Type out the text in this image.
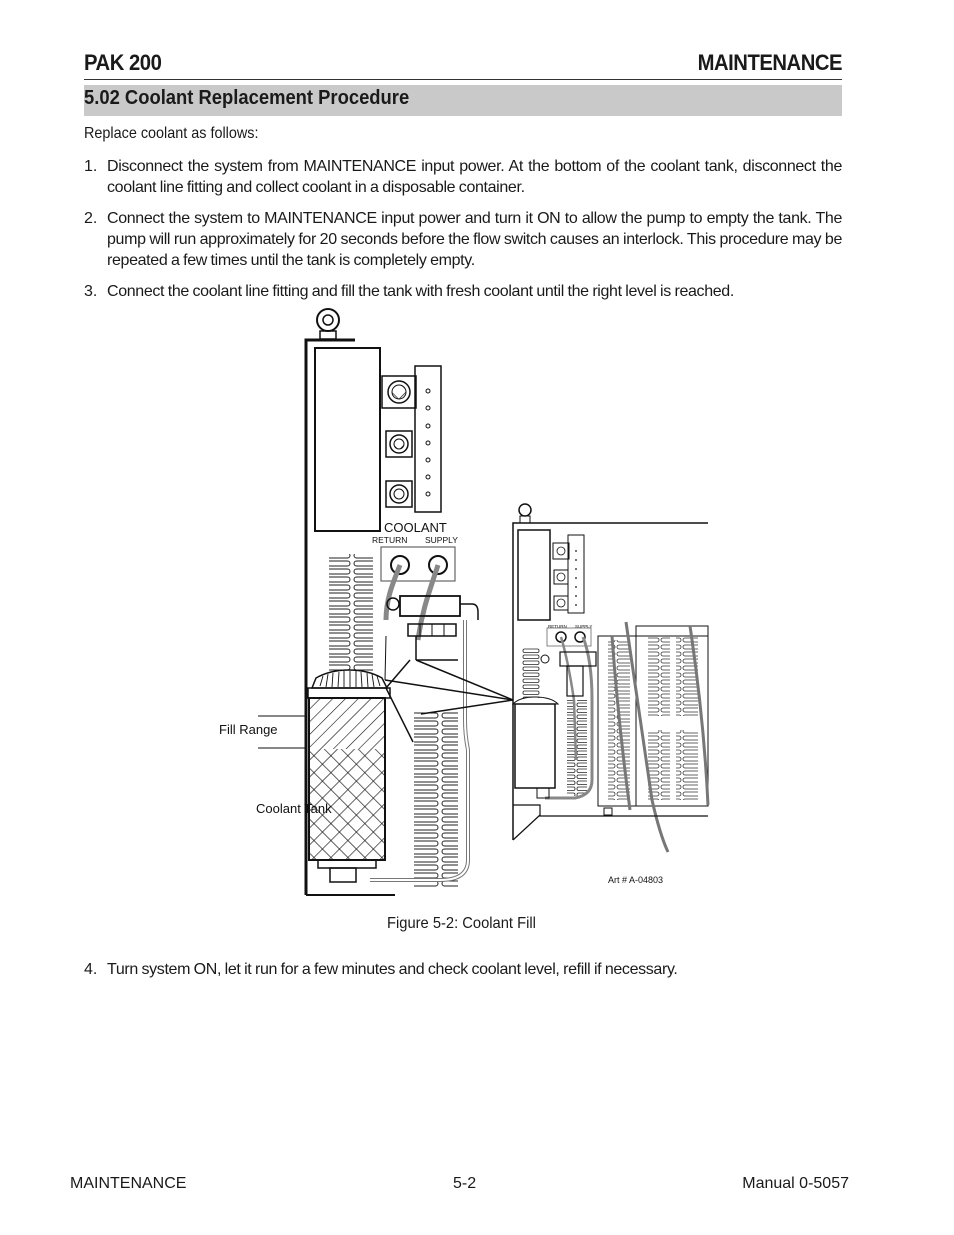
PAK 200	MAINTENANCE
5.02 Coolant Replacement Procedure
Replace coolant as follows:
1. Disconnect the system from MAINTENANCE input power. At the bottom of the coolant tank, disconnect the coolant line fitting and collect coolant in a disposable container.
2. Connect the system to MAINTENANCE input power and turn it ON to allow the pump to empty the tank. The pump will run approximately for 20 seconds before the flow switch causes an interlock. This procedure may be repeated a few times until the tank is completely empty.
3. Connect the coolant line fitting and fill the tank with fresh coolant until the right level is reached.
COOLANT
RETURN SUPPLY
Fill Range
Coolant Tank
RETURN SUPPLY
Art # A-04803
Figure 5-2: Coolant Fill
4. Turn system ON, let it run for a few minutes and check coolant level, refill if necessary.
MAINTENANCE	5-2	Manual 0-5057
